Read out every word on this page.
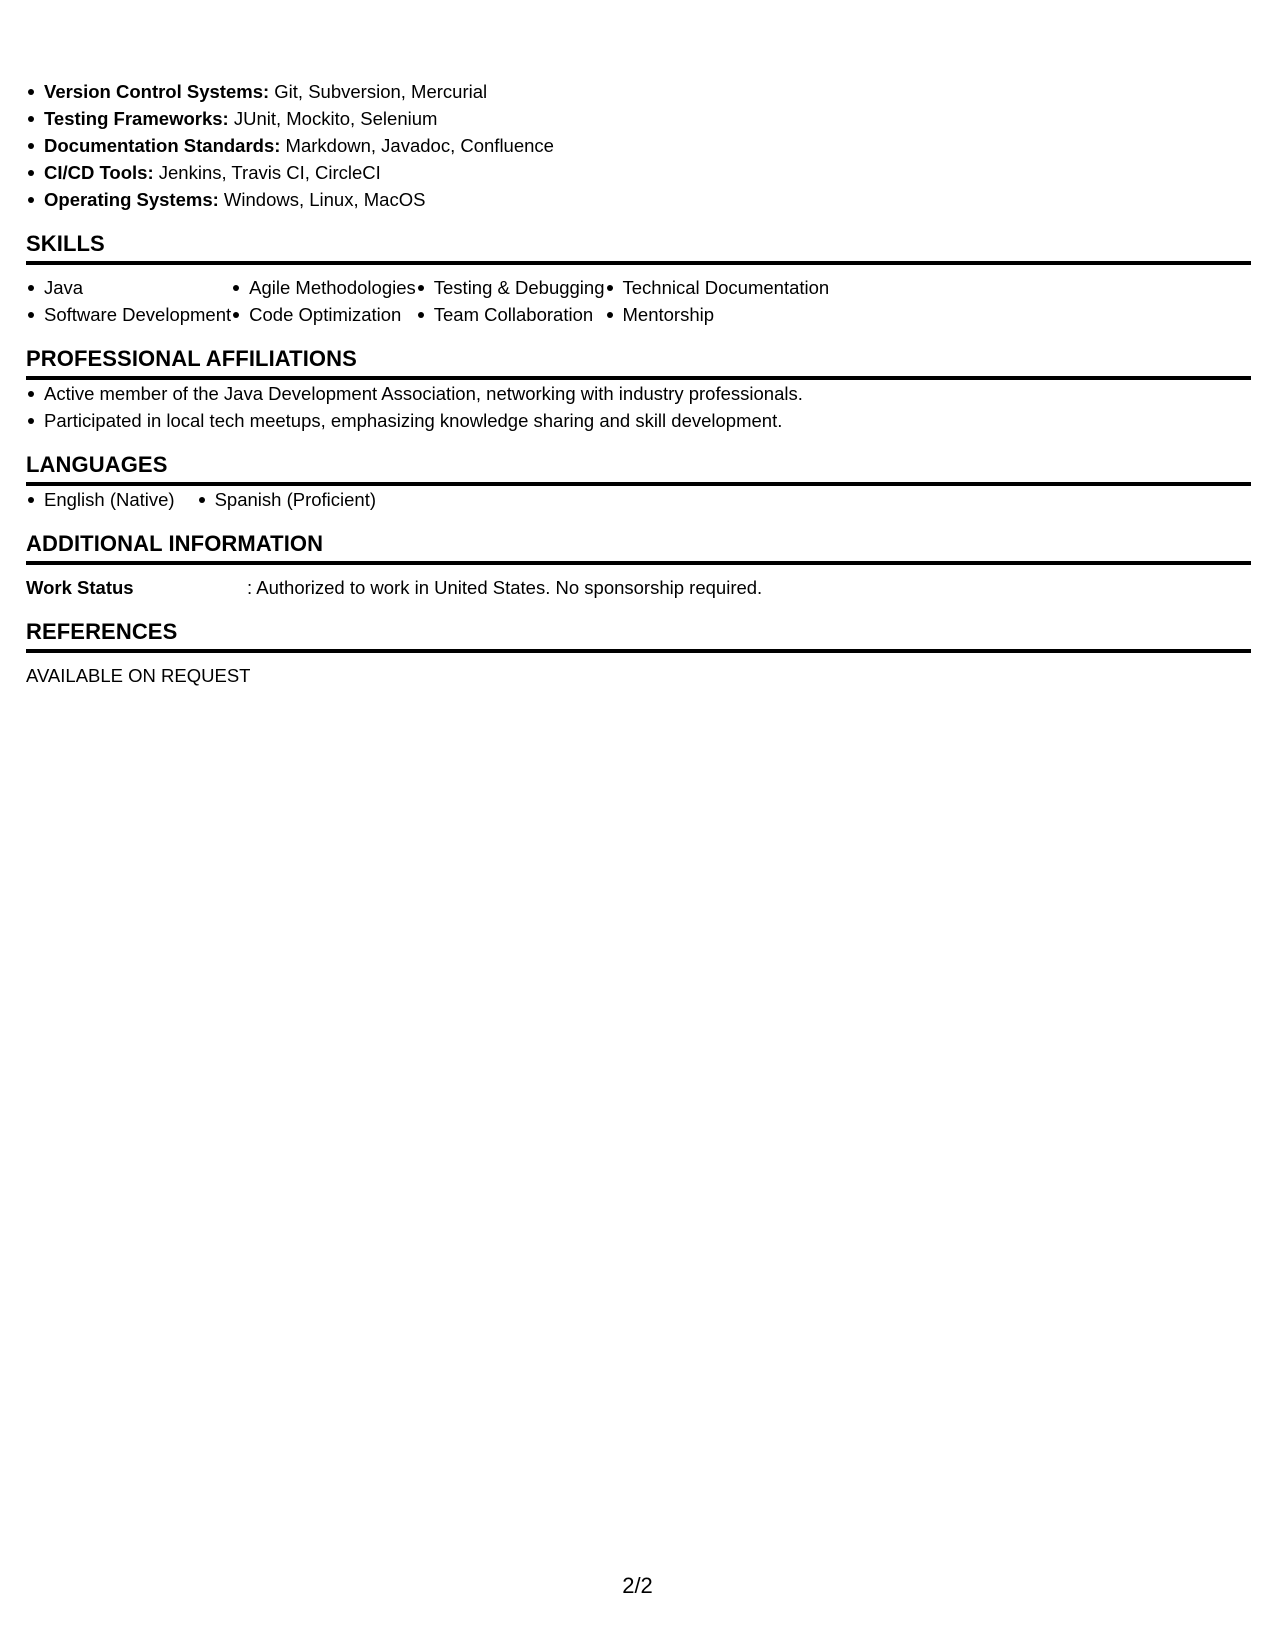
Version Control Systems: Git, Subversion, Mercurial
Testing Frameworks: JUnit, Mockito, Selenium
Documentation Standards: Markdown, Javadoc, Confluence
CI/CD Tools: Jenkins, Travis CI, CircleCI
Operating Systems: Windows, Linux, MacOS
SKILLS
Java
Software Development
Agile Methodologies
Code Optimization
Testing & Debugging
Team Collaboration
Technical Documentation
Mentorship
PROFESSIONAL AFFILIATIONS
Active member of the Java Development Association, networking with industry professionals.
Participated in local tech meetups, emphasizing knowledge sharing and skill development.
LANGUAGES
English (Native)	Spanish (Proficient)
ADDITIONAL INFORMATION
Work Status	: Authorized to work in United States. No sponsorship required.
REFERENCES
AVAILABLE ON REQUEST
2/2
